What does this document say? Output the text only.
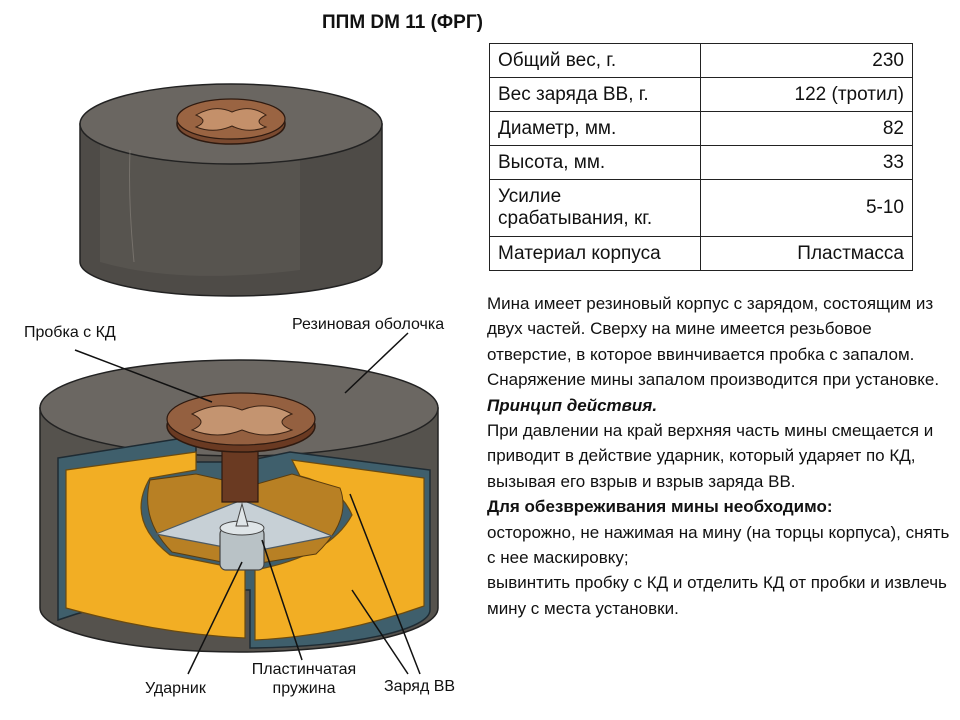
ППМ DM 11 (ФРГ)
Общий вес, г.	230
Вес заряда ВВ, г.	122 (тротил)
Диаметр, мм.	82
Высота, мм.	33
Усилие срабатывания, кг.	5-10
Материал корпуса	Пластмасса

Мина имеет резиновый корпус с зарядом, состоящим из двух частей. Сверху на мине имеется резьбовое отверстие, в которое ввинчивается пробка с запалом. Снаряжение мины запалом производится при установке.

Принцип действия.

При давлении на край верхняя часть мины смещается и приводит в действие ударник, который ударяет по КД, вызывая его взрыв и взрыв заряда ВВ.

Для обезвреживания мины необходимо:

осторожно, не нажимая на мину (на торцы корпуса), снять с нее маскировку;

вывинтить пробку с КД и отделить КД от пробки и извлечь мину с места установки.

Пробка с КД	Резиновая оболочка
Ударник
Пластинчатая пружина	Заряд ВВ
